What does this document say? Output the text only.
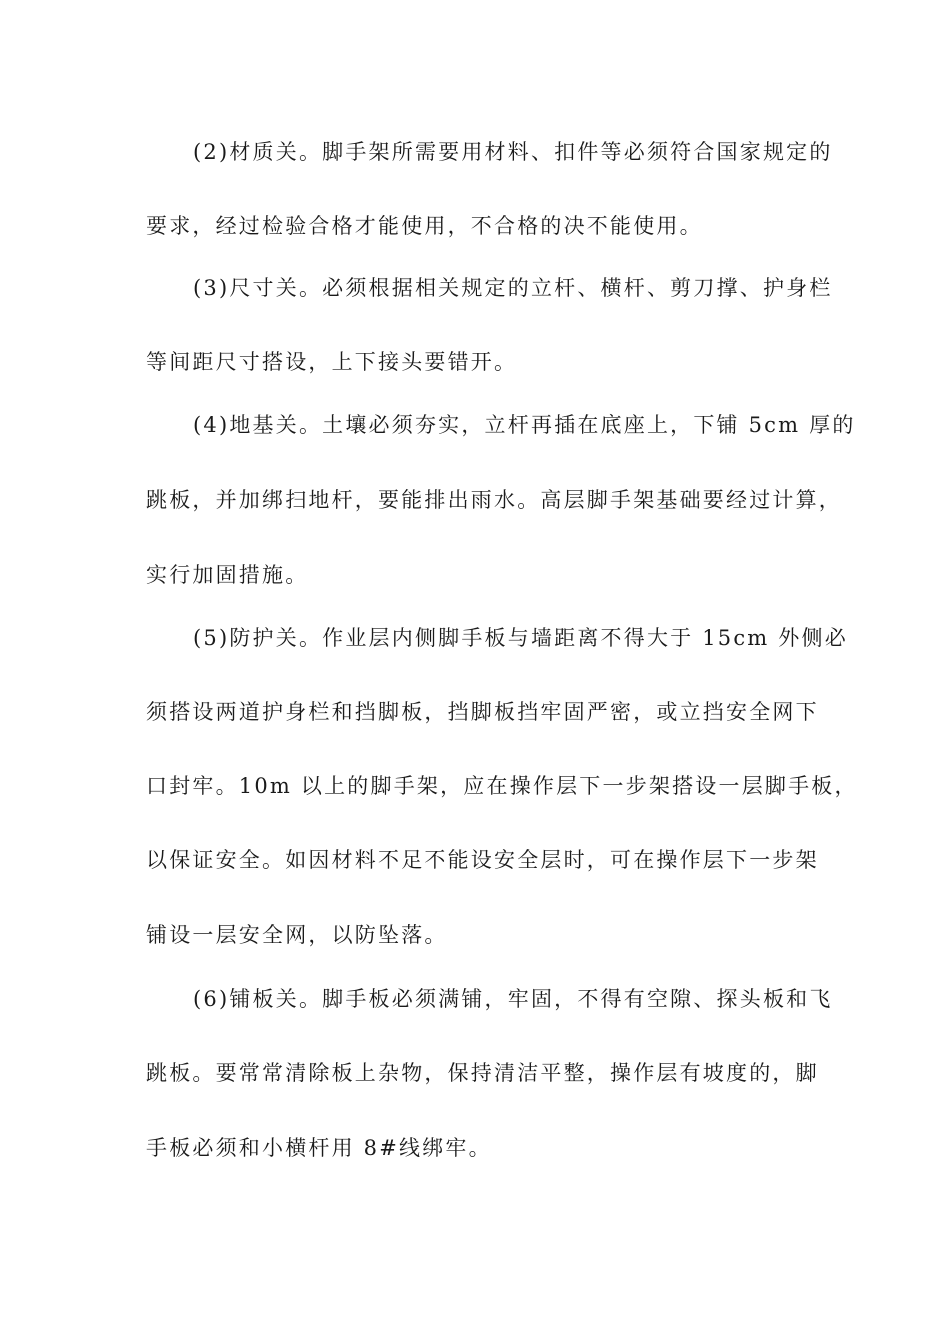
(2)材质关。脚手架所需要用材料、扣件等必须符合国家规定的
要求，经过检验合格才能使用，不合格的决不能使用。
(3)尺寸关。必须根据相关规定的立杆、横杆、剪刀撑、护身栏
等间距尺寸搭设，上下接头要错开。
(4)地基关。土壤必须夯实，立杆再插在底座上，下铺 5cm 厚的
跳板，并加绑扫地杆，要能排出雨水。高层脚手架基础要经过计算，
实行加固措施。
(5)防护关。作业层内侧脚手板与墙距离不得大于 15cm 外侧必
须搭设两道护身栏和挡脚板，挡脚板挡牢固严密，或立挡安全网下
口封牢。10m 以上的脚手架，应在操作层下一步架搭设一层脚手板，
以保证安全。如因材料不足不能设安全层时，可在操作层下一步架
铺设一层安全网，以防坠落。
(6)铺板关。脚手板必须满铺，牢固，不得有空隙、探头板和飞
跳板。要常常清除板上杂物，保持清洁平整，操作层有坡度的，脚
手板必须和小横杆用 8#线绑牢。
